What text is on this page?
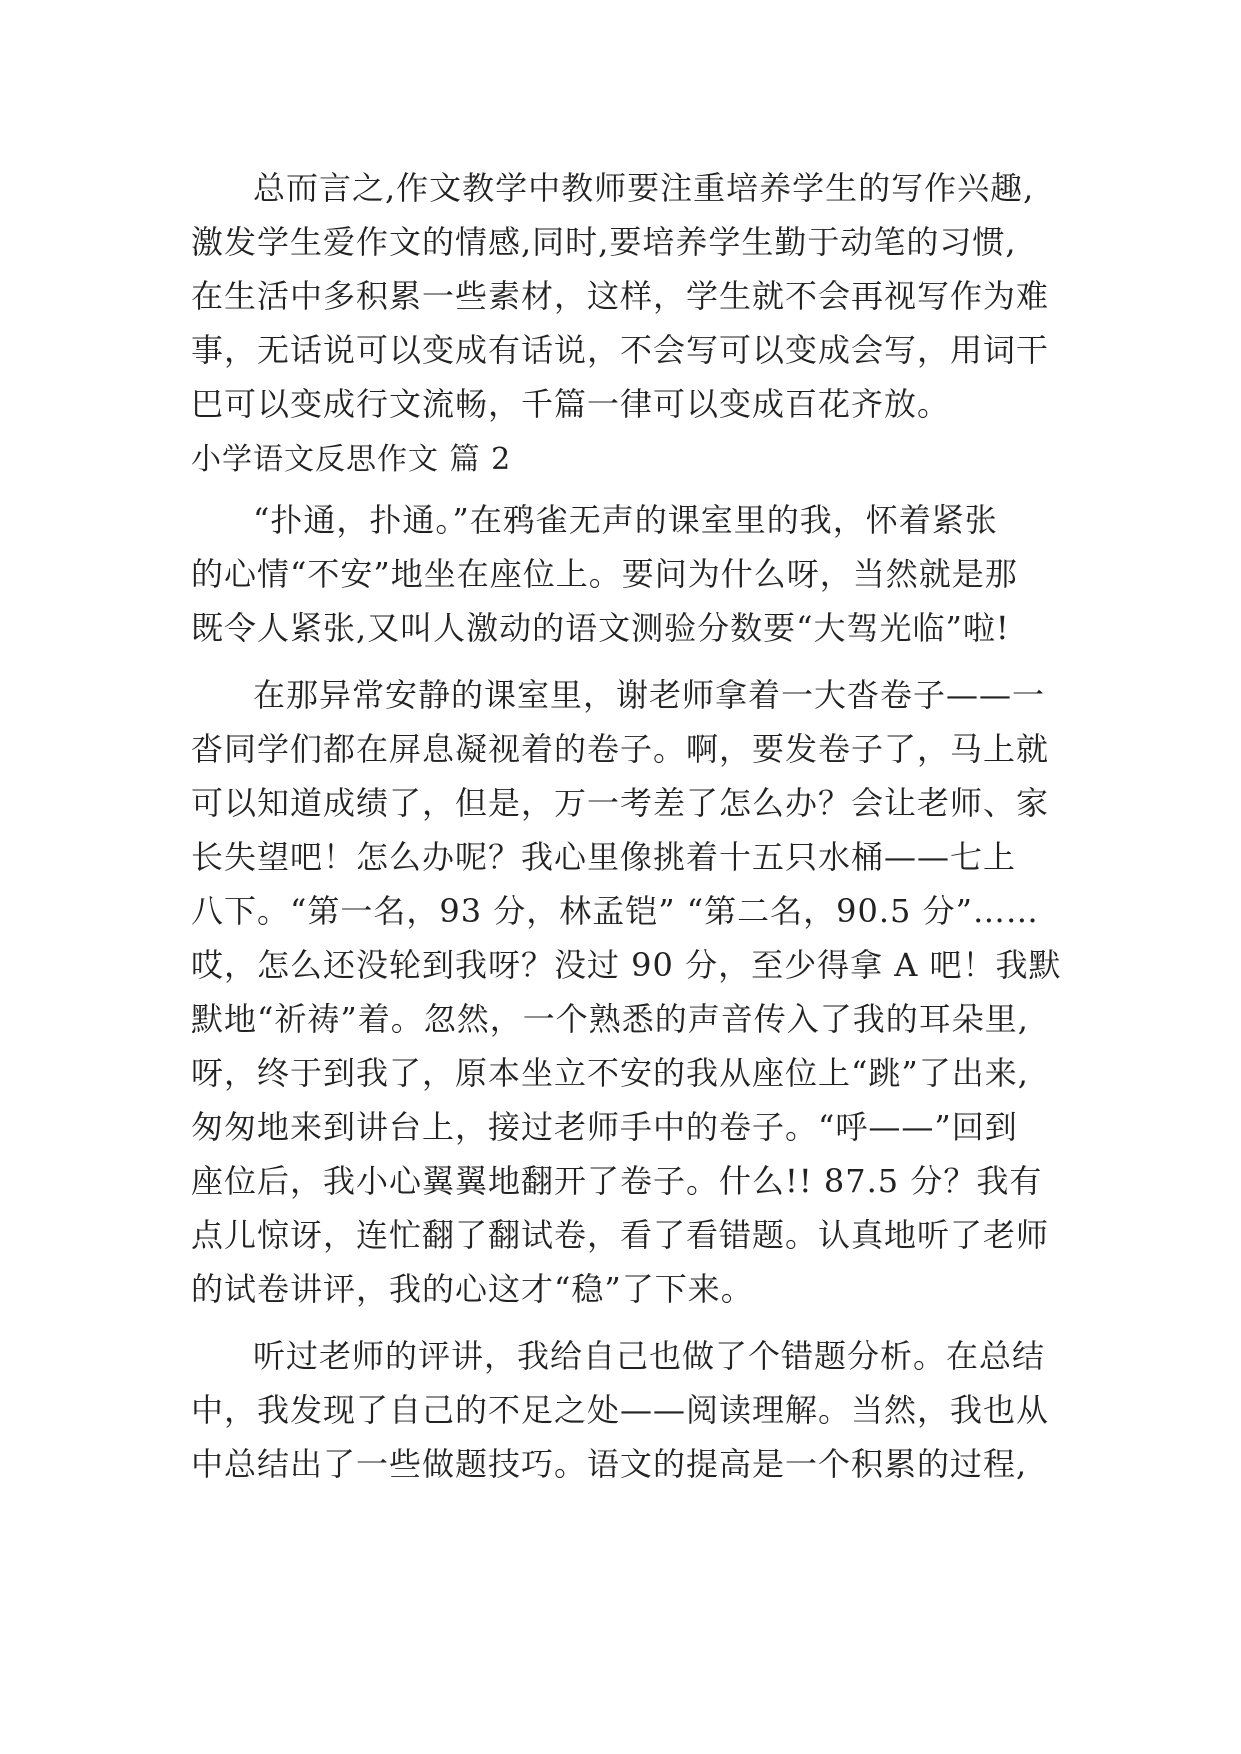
总而言之,作文教学中教师要注重培养学生的写作兴趣,
激发学生爱作文的情感,同时,要培养学生勤于动笔的习惯,
在生活中多积累一些素材，这样，学生就不会再视写作为难
事，无话说可以变成有话说，不会写可以变成会写，用词干
巴可以变成行文流畅，千篇一律可以变成百花齐放。
小学语文反思作文 篇 2
“扑通，扑通。”在鸦雀无声的课室里的我，怀着紧张
的心情“不安”地坐在座位上。要问为什么呀，当然就是那
既令人紧张,又叫人激动的语文测验分数要“大驾光临”啦!
在那异常安静的课室里，谢老师拿着一大沓卷子——一
沓同学们都在屏息凝视着的卷子。啊，要发卷子了，马上就
可以知道成绩了，但是，万一考差了怎么办？会让老师、家
长失望吧！怎么办呢？我心里像挑着十五只水桶——七上
八下。“第一名，93 分，林孟铠” “第二名，90.5 分”……
哎，怎么还没轮到我呀？没过 90 分，至少得拿 A 吧！我默
默地“祈祷”着。忽然，一个熟悉的声音传入了我的耳朵里,
呀，终于到我了，原本坐立不安的我从座位上“跳”了出来,
匆匆地来到讲台上，接过老师手中的卷子。“呼——”回到
座位后，我小心翼翼地翻开了卷子。什么!! 87.5 分？我有
点儿惊讶，连忙翻了翻试卷，看了看错题。认真地听了老师
的试卷讲评，我的心这才“稳”了下来。
听过老师的评讲，我给自己也做了个错题分析。在总结
中，我发现了自己的不足之处——阅读理解。当然，我也从
中总结出了一些做题技巧。语文的提高是一个积累的过程,
